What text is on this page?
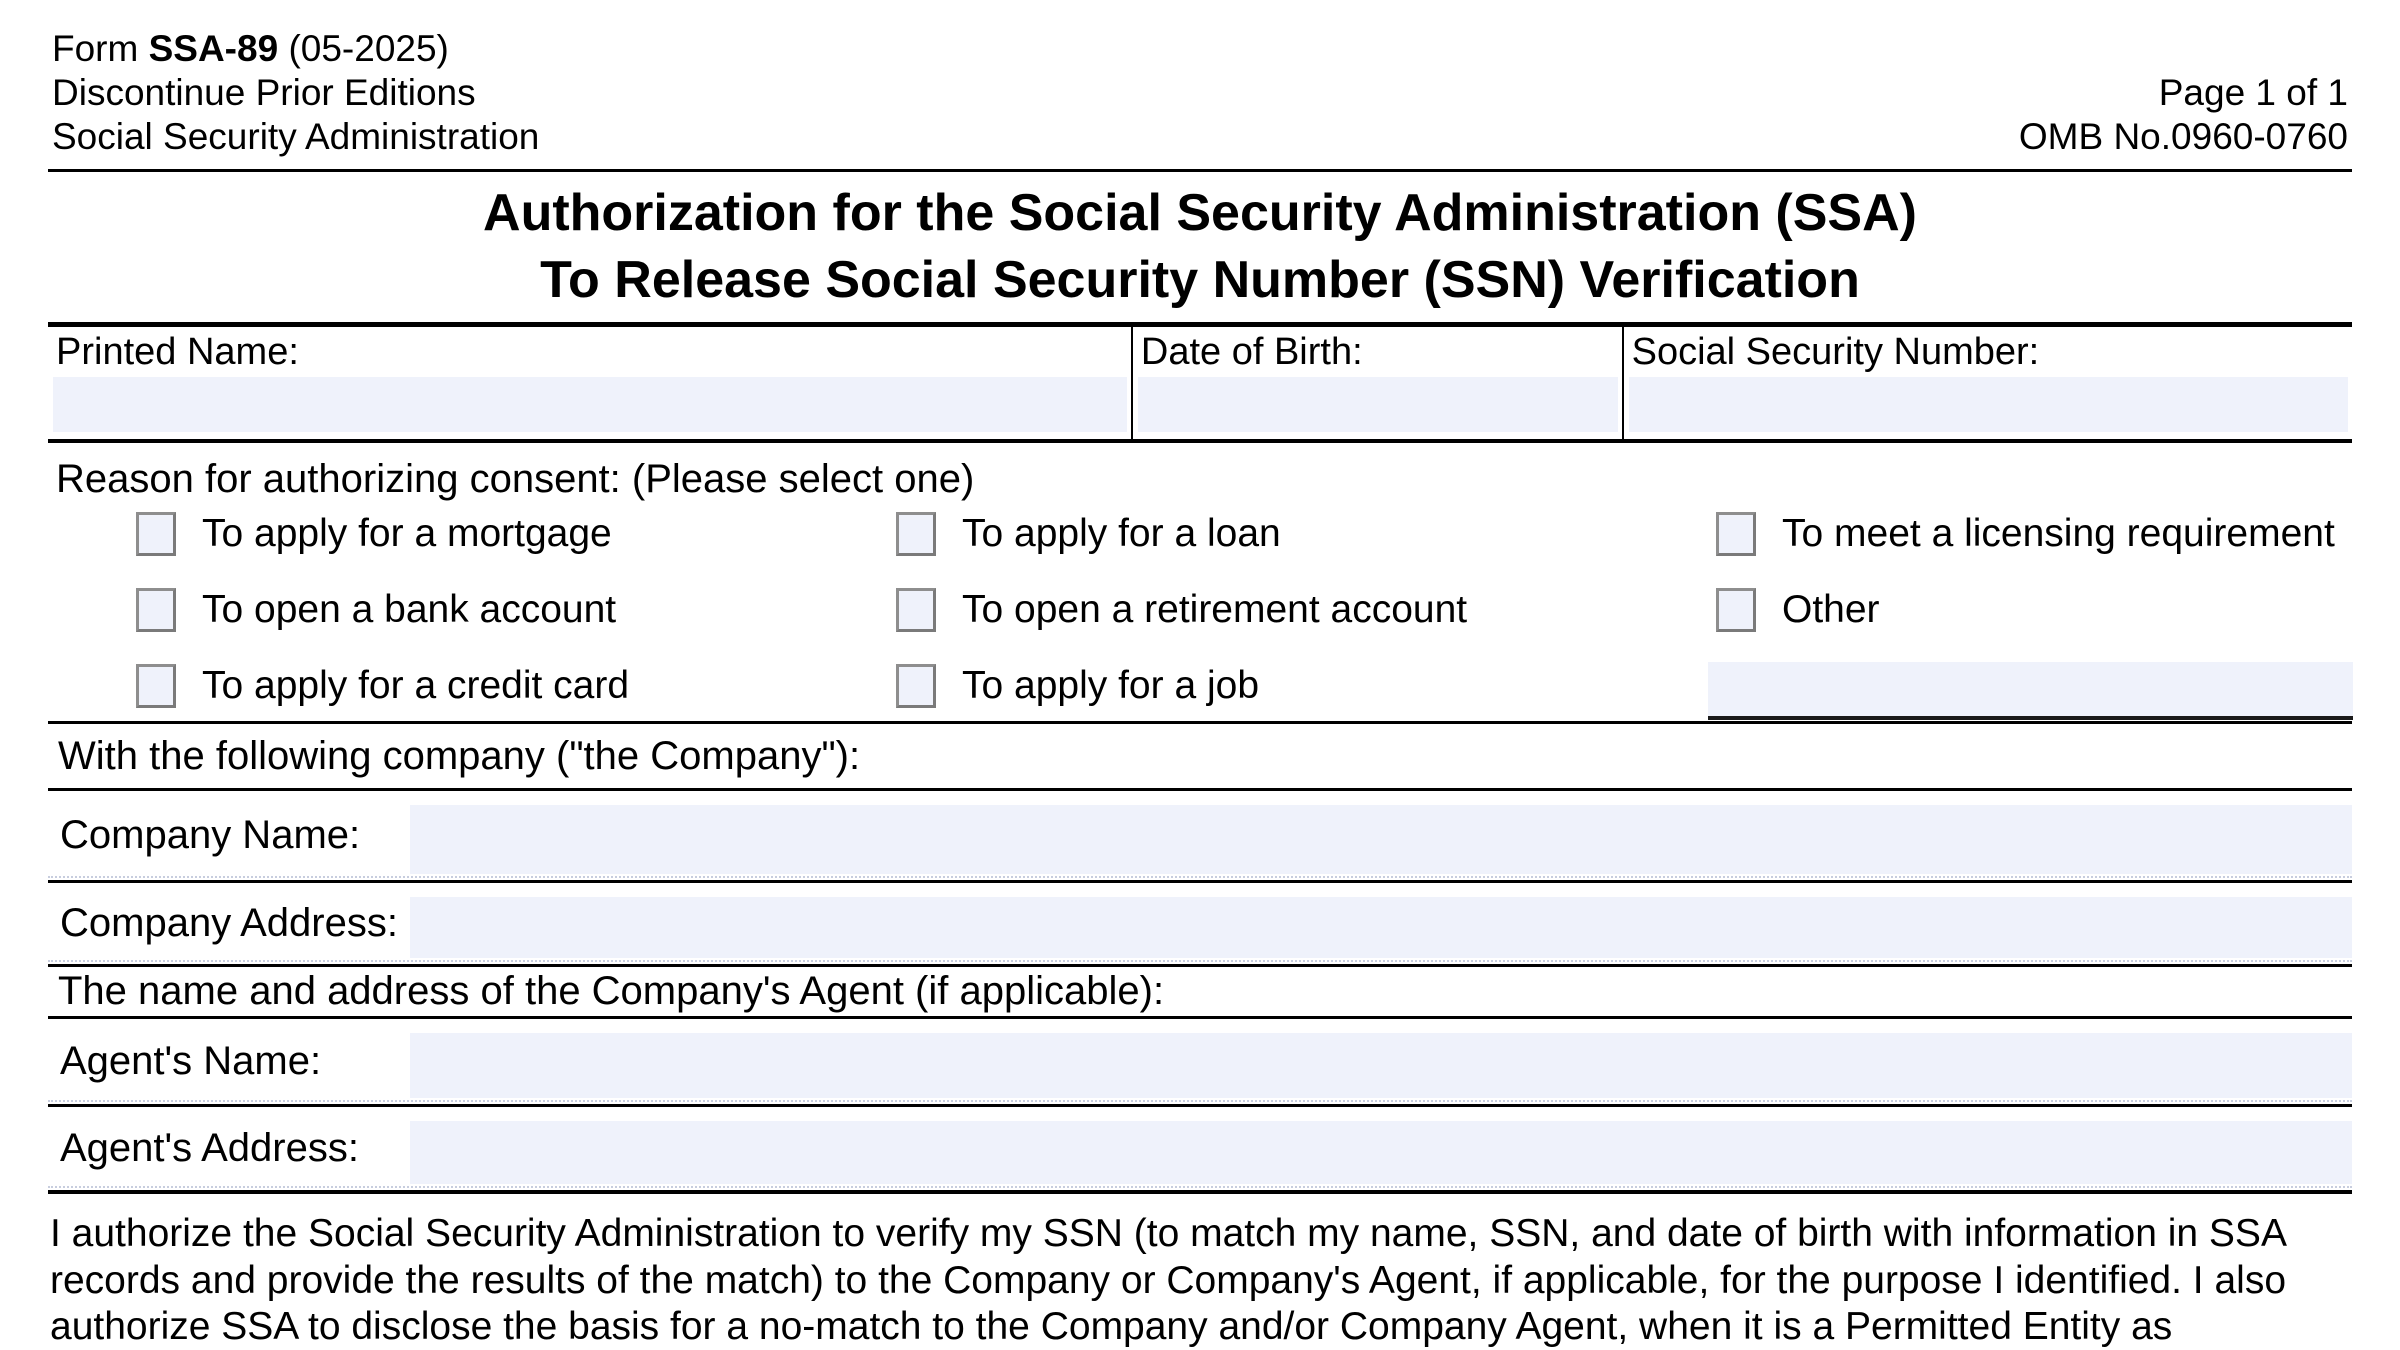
Form SSA-89 (05-2025)
Discontinue Prior Editions
Social Security Administration
Page 1 of 1
OMB No.0960-0760
Authorization for the Social Security Administration (SSA)
To Release Social Security Number (SSN) Verification
Printed Name:	Date of Birth:	Social Security Number:
Reason for authorizing consent: (Please select one)
To apply for a mortgage	To apply for a loan	To meet a licensing requirement
To open a bank account	To open a retirement account	Other
To apply for a credit card	To apply for a job
With the following company ("the Company"):
Company Name:
Company Address:
The name and address of the Company's Agent (if applicable):
Agent's Name:
Agent's Address:
I authorize the Social Security Administration to verify my SSN (to match my name, SSN, and date of birth with information in SSA
records and provide the results of the match) to the Company or Company's Agent, if applicable, for the purpose I identified. I also
authorize SSA to disclose the basis for a no-match to the Company and/or Company Agent, when it is a Permitted Entity as
